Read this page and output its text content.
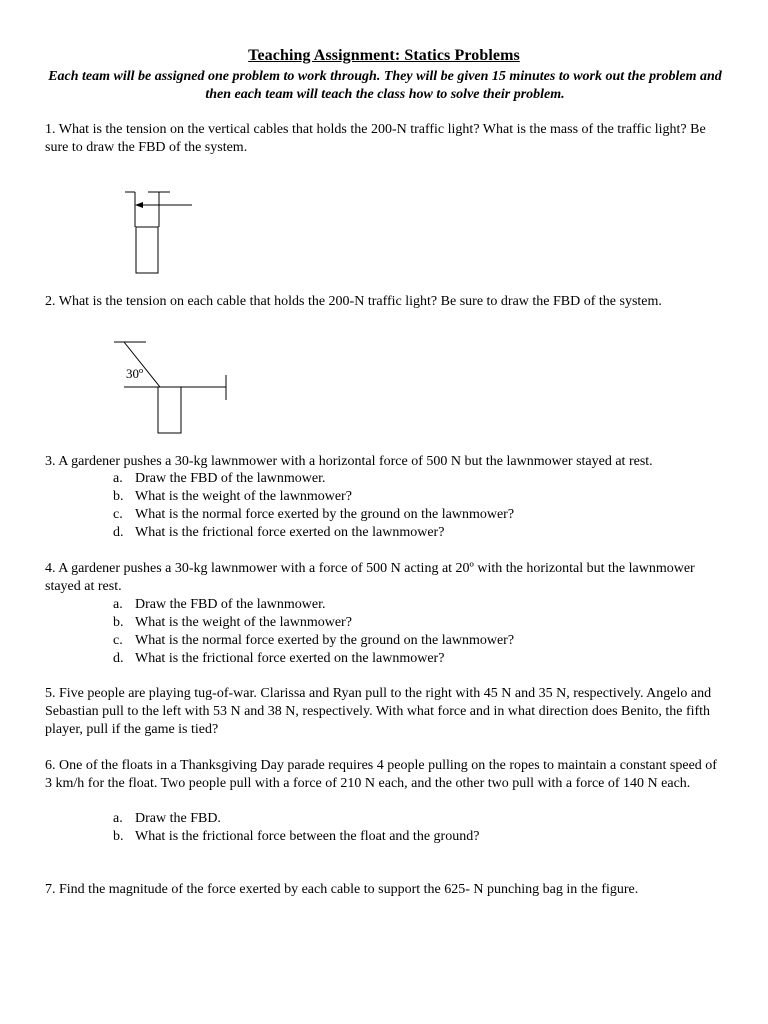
Teaching Assignment: Statics Problems
Each team will be assigned one problem to work through. They will be given 15 minutes to work out the problem and then each team will teach the class how to solve their problem.
1. What is the tension on the vertical cables that holds the 200-N traffic light? What is the mass of the traffic light? Be sure to draw the FBD of the system.
2. What is the tension on each cable that holds the 200-N traffic light? Be sure to draw the FBD of the system.
30º
3. A gardener pushes a 30-kg lawnmower with a horizontal force of 500 N but the lawnmower stayed at rest.
a. Draw the FBD of the lawnmower.
b. What is the weight of the lawnmower?
c. What is the normal force exerted by the ground on the lawnmower?
d. What is the frictional force exerted on the lawnmower?
4. A gardener pushes a 30-kg lawnmower with a force of 500 N acting at 20º with the horizontal but the lawnmower stayed at rest.
a. Draw the FBD of the lawnmower.
b. What is the weight of the lawnmower?
c. What is the normal force exerted by the ground on the lawnmower?
d. What is the frictional force exerted on the lawnmower?
5. Five people are playing tug-of-war. Clarissa and Ryan pull to the right with 45 N and 35 N, respectively. Angelo and Sebastian pull to the left with 53 N and 38 N, respectively. With what force and in what direction does Benito, the fifth player, pull if the game is tied?
6. One of the floats in a Thanksgiving Day parade requires 4 people pulling on the ropes to maintain a constant speed of 3 km/h for the float. Two people pull with a force of 210 N each, and the other two pull with a force of 140 N each.
a. Draw the FBD.
b. What is the frictional force between the float and the ground?
7. Find the magnitude of the force exerted by each cable to support the 625- N punching bag in the figure.
